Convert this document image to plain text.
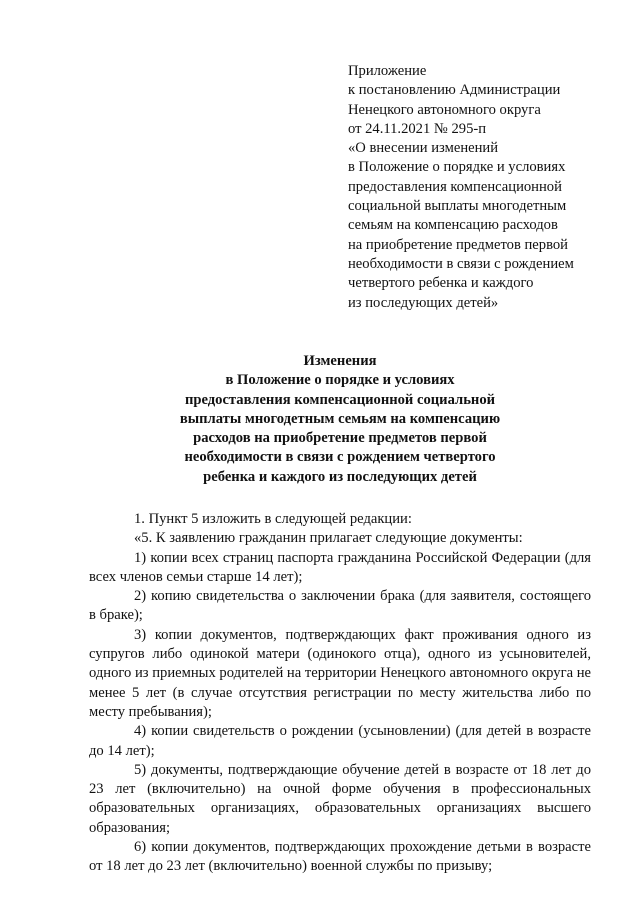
Приложение
к постановлению Администрации
Ненецкого автономного округа
от 24.11.2021 № 295-п
«О внесении изменений
в Положение о порядке и условиях
предоставления компенсационной
социальной выплаты многодетным
семьям на компенсацию расходов
на приобретение предметов первой
необходимости в связи с рождением
четвертого ребенка и каждого
из последующих детей»
Изменения
в Положение о порядке и условиях
предоставления компенсационной социальной
выплаты многодетным семьям на компенсацию
расходов на приобретение предметов первой
необходимости в связи с рождением четвертого
ребенка и каждого из последующих детей

1. Пункт 5 изложить в следующей редакции:

«5. К заявлению гражданин прилагает следующие документы:

1) копии всех страниц паспорта гражданина Российской Федерации (для всех членов семьи старше 14 лет);

2) копию свидетельства о заключении брака (для заявителя, состоящего в браке);

3) копии документов, подтверждающих факт проживания одного из супругов либо одинокой матери (одинокого отца), одного из усыновителей, одного из приемных родителей на территории Ненецкого автономного округа не менее 5 лет (в случае отсутствия регистрации по месту жительства либо по месту пребывания);

4) копии свидетельств о рождении (усыновлении) (для детей в возрасте до 14 лет);

5) документы, подтверждающие обучение детей в возрасте от 18 лет до 23 лет (включительно) на очной форме обучения в профессиональных образовательных организациях, образовательных организациях высшего образования;

6) копии документов, подтверждающих прохождение детьми в возрасте от 18 лет до 23 лет (включительно) военной службы по призыву;
